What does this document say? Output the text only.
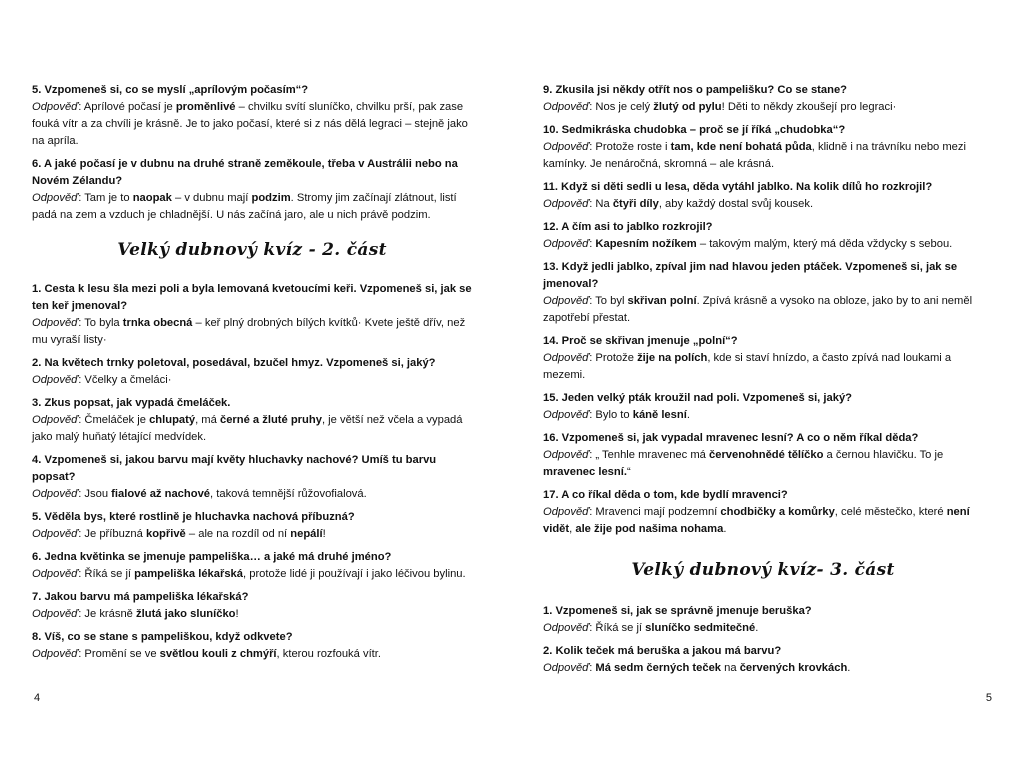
5. Vzpomeneš si, co se myslí „aprílovým počasím“?
Odpověď: Aprílové počasí je proměnlivé – chvilku svítí sluníčko, chvilku prší, pak zase fouká vítr a za chvíli je krásně. Je to jako počasí, které si z nás dělá legraci – stejně jako na apríla.
6. A jaké počasí je v dubnu na druhé straně zeměkoule, třeba v Austrálii nebo na Novém Zélandu?
Odpověď: Tam je to naopak – v dubnu mají podzim. Stromy jim začínají zlátnout, listí padá na zem a vzduch je chladnější. U nás začíná jaro, ale u nich právě podzim.
Velký dubnový kvíz - 2. část
1. Cesta k lesu šla mezi poli a byla lemovaná kvetoucími keři. Vzpomeneš si, jak se ten keř jmenoval?
Odpověď: To byla trnka obecná – keř plný drobných bílých kvítků· Kvete ještě dřív, než mu vyraší listy·
2. Na květech trnky poletoval, posedával, bzučel hmyz. Vzpomeneš si, jaký?
Odpověď: Včelky a čmeláci·
3. Zkus popsat, jak vypadá čmeláček.
Odpověď: Čmeláček je chlupatý, má černé a žluté pruhy, je větší než včela a vypadá jako malý huňatý létající medvídek.
4. Vzpomeneš si, jakou barvu mají květy hluchavky nachové? Umíš tu barvu popsat?
Odpověď: Jsou fialové až nachové, taková temnější růžovofialová.
5. Věděla bys, které rostlině je hluchavka nachová příbuzná?
Odpověď: Je příbuzná kopřivě – ale na rozdíl od ní nepálí!
6. Jedna květinka se jmenuje pampeliška… a jaké má druhé jméno?
Odpověď: Říká se jí pampeliška lékařská, protože lidé ji používají i jako léčivou bylinu.
7. Jakou barvu má pampeliška lékařská?
Odpověď: Je krásně žlutá jako sluníčko!
8. Víš, co se stane s pampeliškou, když odkvete?
Odpověď: Promění se ve světlou kouli z chmýří, kterou rozfouká vítr.
4
9. Zkusila jsi někdy otřít nos o pampelišku? Co se stane?
Odpověď: Nos je celý žlutý od pylu! Děti to někdy zkoušejí pro legraci·
10. Sedmikráska chudobka – proč se jí říká „chudobka“?
Odpověď: Protože roste i tam, kde není bohatá půda, klidně i na trávníku nebo mezi kamínky. Je nenáročná, skromná – ale krásná.
11. Když si děti sedli u lesa, děda vytáhl jablko. Na kolik dílů ho rozkrojil?
Odpověď: Na čtyři díly, aby každý dostal svůj kousek.
12. A čím asi to jablko rozkrojil?
Odpověď: Kapesním nožíkem – takovým malým, který má děda vždycky s sebou.
13. Když jedli jablko, zpíval jim nad hlavou jeden ptáček. Vzpomeneš si, jak se jmenoval?
Odpověď: To byl skřivan polní. Zpívá krásně a vysoko na obloze, jako by to ani neměl zapotřebí přestat.
14. Proč se skřivan jmenuje „polní“?
Odpověď: Protože žije na polích, kde si staví hnízdo, a často zpívá nad loukami a mezemi.
15. Jeden velký pták kroužil nad poli. Vzpomeneš si, jaký?
Odpověď: Bylo to káně lesní.
16. Vzpomeneš si, jak vypadal mravenec lesní? A co o něm říkal děda?
Odpověď: „ Tenhle mravenec má červenohnědé tělíčko a černou hlavičku. To je mravenec lesní.“
17. A co říkal děda o tom, kde bydlí mravenci?
Odpověď: Mravenci mají podzemní chodbičky a komůrky, celé městečko, které není vidět, ale žije pod našima nohama.
Velký dubnový kvíz- 3. část
1. Vzpomeneš si, jak se správně jmenuje beruška?
Odpověď: Říká se jí sluníčko sedmitečné.
2. Kolik teček má beruška a jakou má barvu?
Odpověď: Má sedm černých teček na červených krovkách.
5
